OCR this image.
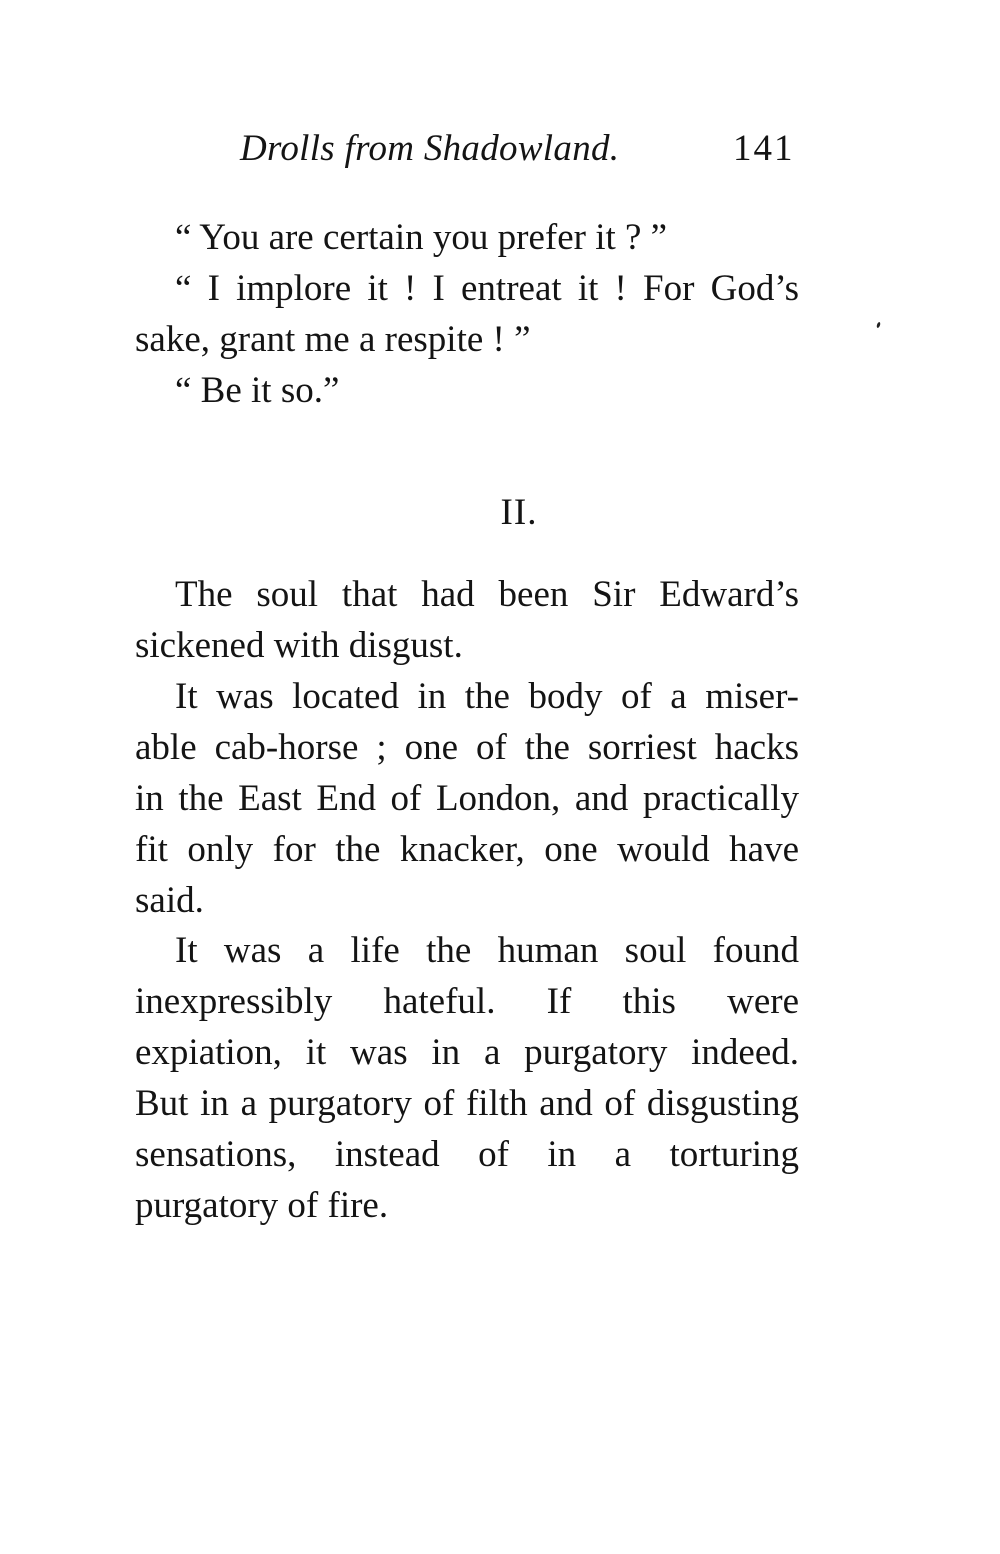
Drolls from Shadowland.	141
“ You are certain you prefer it ? ”
“ I implore it ! I entreat it ! For God’s
sake, grant me a respite ! ”
“ Be it so.”
II.
The soul that had been Sir Edward’s
sickened with disgust.
It was located in the body of a miser-
able cab-horse ; one of the sorriest hacks
in the East End of London, and practically
fit only for the knacker, one would have
said.
It was a life the human soul found
inexpressibly hateful. If this were
expiation, it was in a purgatory indeed.
But in a purgatory of filth and of disgusting
sensations, instead of in a torturing
purgatory of fire.
